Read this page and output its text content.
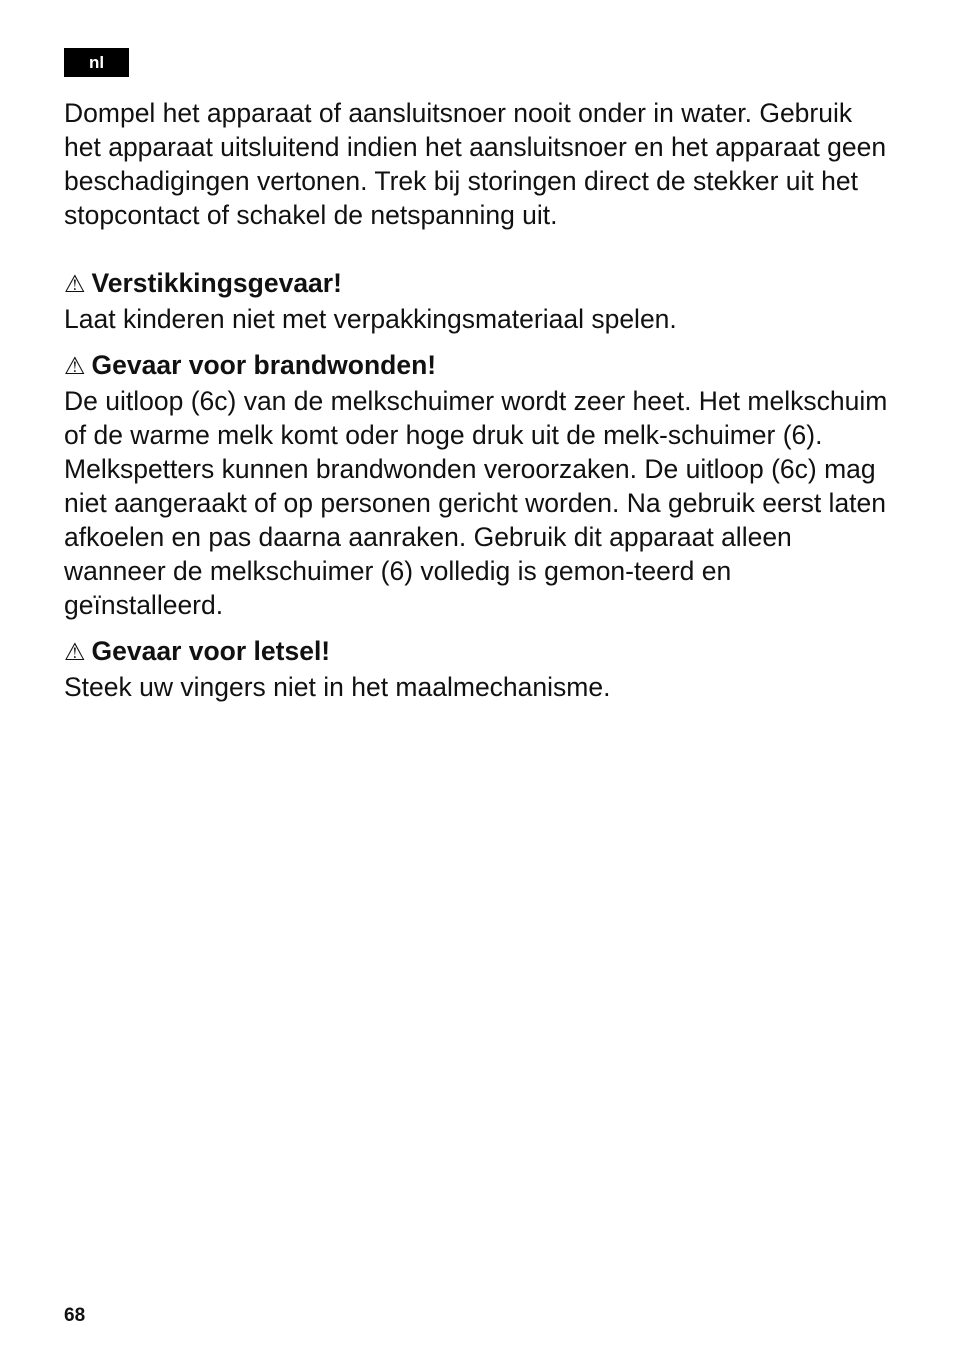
nl

Dompel het apparaat of aansluitsnoer nooit onder in water. Gebruik het apparaat uitsluitend indien het aansluitsnoer en het apparaat geen beschadigingen vertonen. Trek bij storingen direct de stekker uit het stopcontact of schakel de netspanning uit.

⚠ Verstikkingsgevaar!

Laat kinderen niet met verpakkingsmateriaal spelen.

⚠ Gevaar voor brandwonden!

De uitloop (6c) van de melkschuimer wordt zeer heet. Het melkschuim of de warme melk komt oder hoge druk uit de melk-schuimer (6). Melkspetters kunnen brandwonden veroorzaken. De uitloop (6c) mag niet aangeraakt of op personen gericht worden. Na gebruik eerst laten afkoelen en pas daarna aanraken. Gebruik dit apparaat alleen wanneer de melkschuimer (6) volledig is gemon-teerd en geïnstalleerd.

⚠ Gevaar voor letsel!

Steek uw vingers niet in het maalmechanisme.

68
